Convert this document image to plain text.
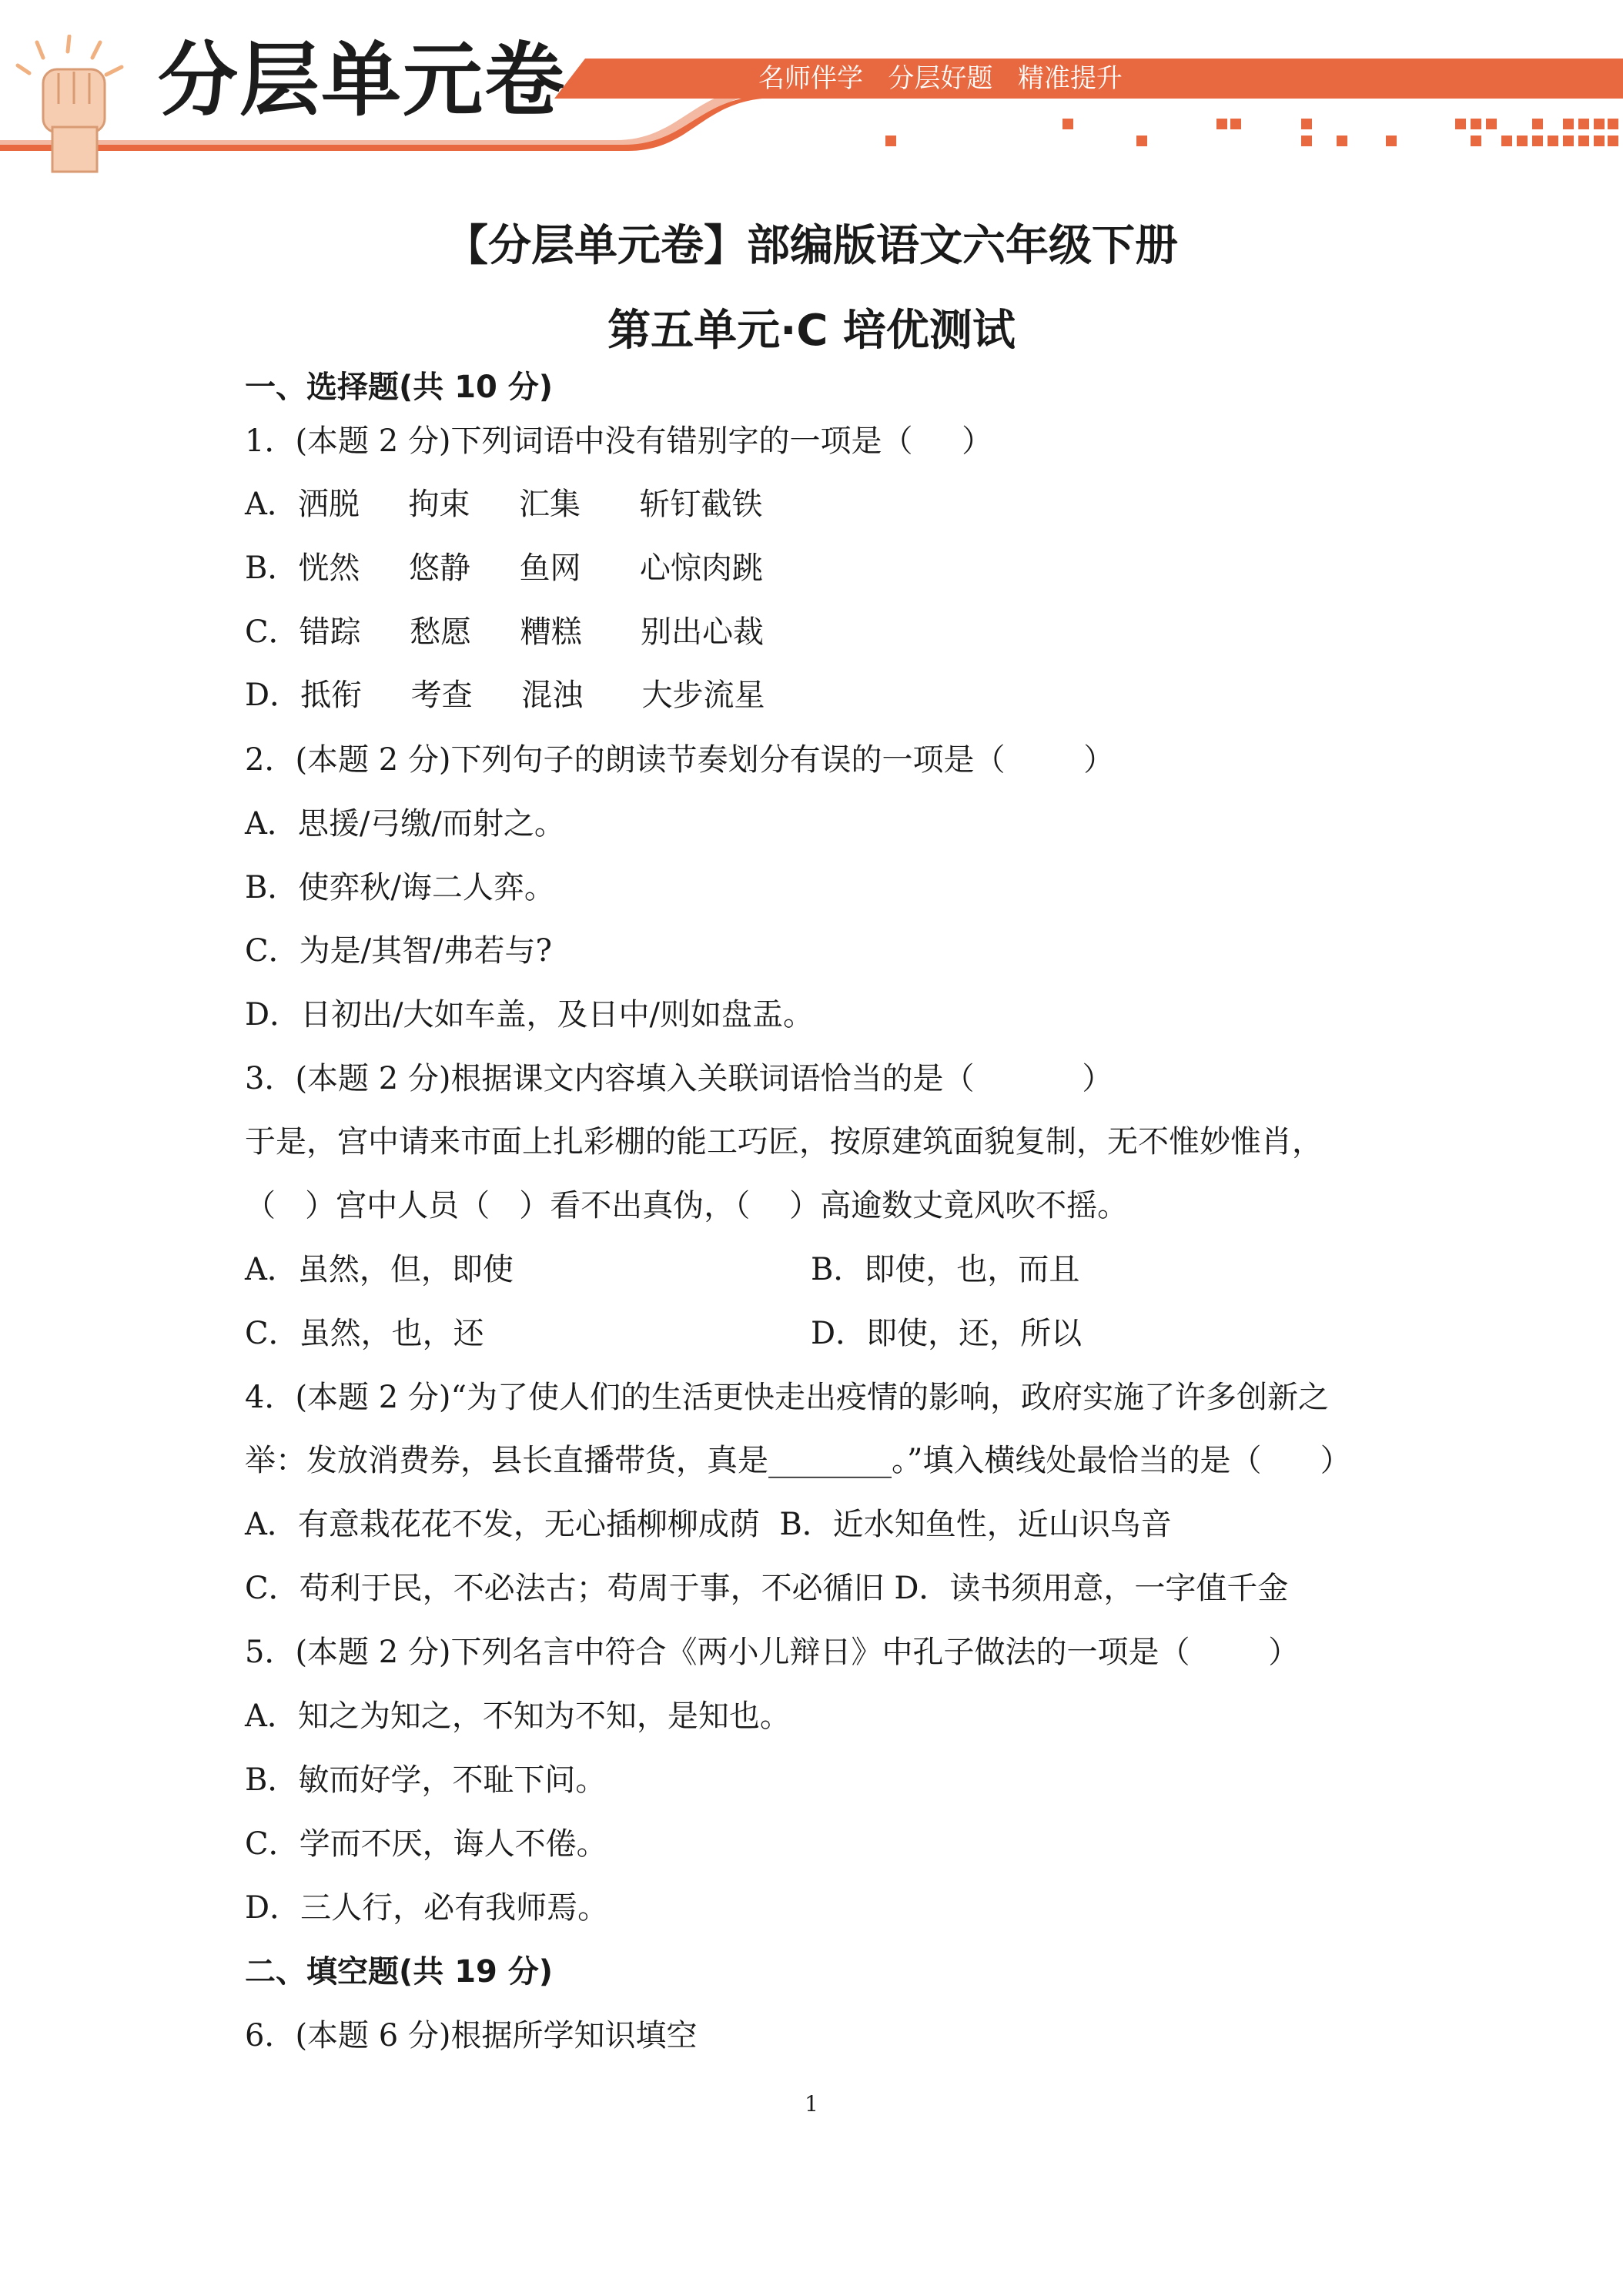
名师伴学   分层好题   精准提升
分层单元卷
【分层单元卷】部编版语文六年级下册
第五单元·C 培优测试
一、选择题(共 10 分)
1．(本题 2 分)下列词语中没有错别字的一项是（     ）
A．洒脱     拘束     汇集      斩钉截铁
B．恍然     悠静     鱼网      心惊肉跳
C．错踪     愁愿     糟糕      别出心裁
D．抵衔     考查     混浊      大步流星
2．(本题 2 分)下列句子的朗读节奏划分有误的一项是（        ）
A．思援/弓缴/而射之。
B．使弈秋/诲二人弈。
C．为是/其智/弗若与?
D．日初出/大如车盖，及日中/则如盘盂。
3．(本题 2 分)根据课文内容填入关联词语恰当的是（           ）
于是，宫中请来市面上扎彩棚的能工巧匠，按原建筑面貌复制，无不惟妙惟肖，
（   ）宫中人员（   ）看不出真伪，（    ）高逾数丈竟风吹不摇。
A．虽然，但，即使	B．即使，也，而且
C．虽然，也，还	D．即使，还，所以
4．(本题 2 分)“为了使人们的生活更快走出疫情的影响，政府实施了许多创新之
举：发放消费券，县长直播带货，真是________。”填入横线处最恰当的是（      ）
A．有意栽花花不发，无心插柳柳成荫  B．近水知鱼性，近山识鸟音
C．苟利于民，不必法古；苟周于事，不必循旧 D．读书须用意，一字值千金
5．(本题 2 分)下列名言中符合《两小儿辩日》中孔子做法的一项是（        ）
A．知之为知之，不知为不知，是知也。
B．敏而好学，不耻下问。
C．学而不厌，诲人不倦。
D．三人行，必有我师焉。
二、填空题(共 19 分)
6．(本题 6 分)根据所学知识填空
1
